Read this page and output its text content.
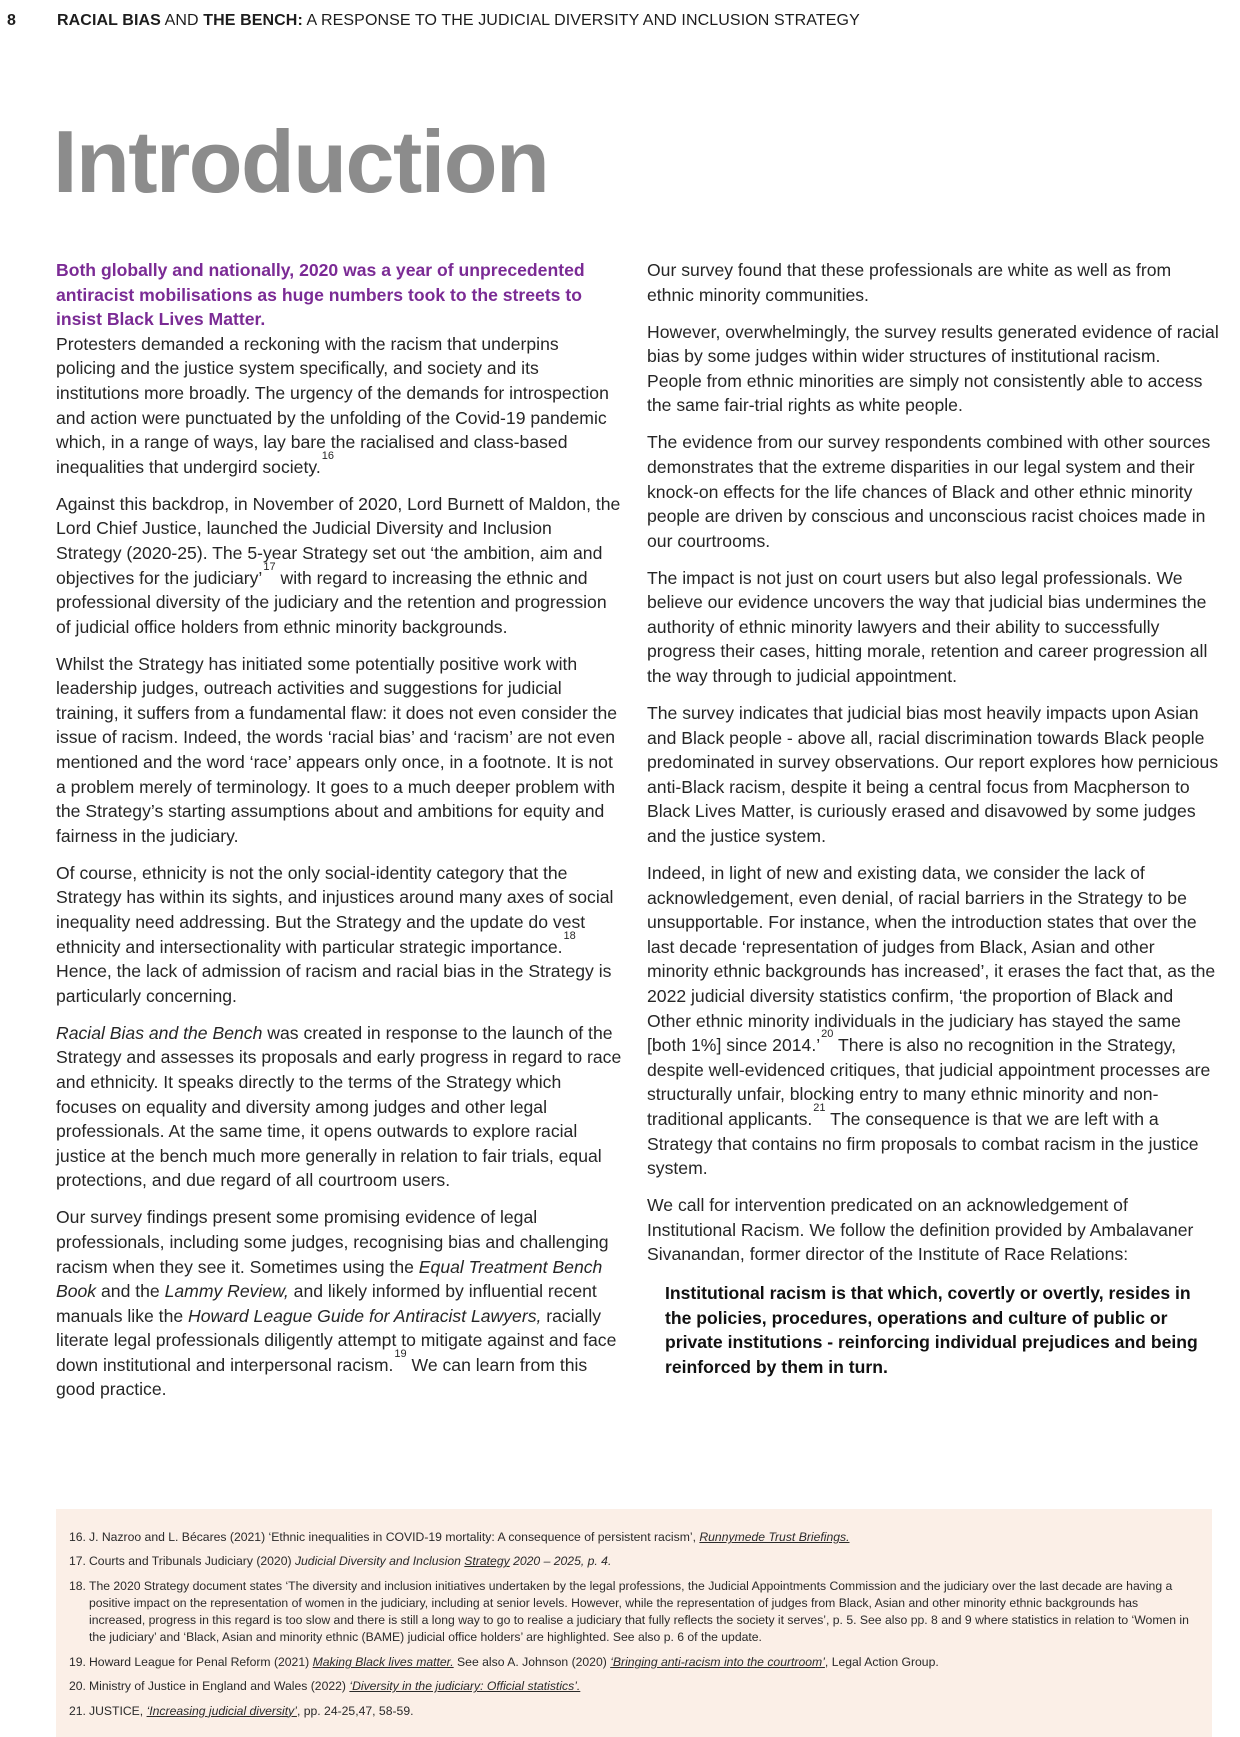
8	RACIAL BIAS AND THE BENCH: A RESPONSE TO THE JUDICIAL DIVERSITY AND INCLUSION STRATEGY
Introduction

Both globally and nationally, 2020 was a year of unprecedented antiracist mobilisations as huge numbers took to the streets to insist Black Lives Matter.
Protesters demanded a reckoning with the racism that underpins policing and the justice system specifically, and society and its institutions more broadly. The urgency of the demands for introspection and action were punctuated by the unfolding of the Covid-19 pandemic which, in a range of ways, lay bare the racialised and class-based inequalities that undergird society.$^{16}$

Against this backdrop, in November of 2020, Lord Burnett of Maldon, the Lord Chief Justice, launched the Judicial Diversity and Inclusion Strategy (2020-25). The 5-year Strategy set out ‘the ambition, aim and objectives for the judiciary’$^{17}$ with regard to increasing the ethnic and professional diversity of the judiciary and the retention and progression of judicial office holders from ethnic minority backgrounds.

Whilst the Strategy has initiated some potentially positive work with leadership judges, outreach activities and suggestions for judicial training, it suffers from a fundamental flaw: it does not even consider the issue of racism. Indeed, the words ‘racial bias’ and ‘racism’ are not even mentioned and the word ‘race’ appears only once, in a footnote. It is not a problem merely of terminology. It goes to a much deeper problem with the Strategy’s starting assumptions about and ambitions for equity and fairness in the judiciary.

Of course, ethnicity is not the only social-identity category that the Strategy has within its sights, and injustices around many axes of social inequality need addressing. But the Strategy and the update do vest ethnicity and intersectionality with particular strategic importance.$^{18}$ Hence, the lack of admission of racism and racial bias in the Strategy is particularly concerning.

Racial Bias and the Bench was created in response to the launch of the Strategy and assesses its proposals and early progress in regard to race and ethnicity. It speaks directly to the terms of the Strategy which focuses on equality and diversity among judges and other legal professionals. At the same time, it opens outwards to explore racial justice at the bench much more generally in relation to fair trials, equal protections, and due regard of all courtroom users.

Our survey findings present some promising evidence of legal professionals, including some judges, recognising bias and challenging racism when they see it. Sometimes using the Equal Treatment Bench Book and the Lammy Review, and likely informed by influential recent manuals like the Howard League Guide for Antiracist Lawyers, racially literate legal professionals diligently attempt to mitigate against and face down institutional and interpersonal racism.$^{19}$ We can learn from this good practice.

Our survey found that these professionals are white as well as from ethnic minority communities.

However, overwhelmingly, the survey results generated evidence of racial bias by some judges within wider structures of institutional racism. People from ethnic minorities are simply not consistently able to access the same fair-trial rights as white people.

The evidence from our survey respondents combined with other sources demonstrates that the extreme disparities in our legal system and their knock-on effects for the life chances of Black and other ethnic minority people are driven by conscious and unconscious racist choices made in our courtrooms.

The impact is not just on court users but also legal professionals. We believe our evidence uncovers the way that judicial bias undermines the authority of ethnic minority lawyers and their ability to successfully progress their cases, hitting morale, retention and career progression all the way through to judicial appointment.

The survey indicates that judicial bias most heavily impacts upon Asian and Black people - above all, racial discrimination towards Black people predominated in survey observations. Our report explores how pernicious anti-Black racism, despite it being a central focus from Macpherson to Black Lives Matter, is curiously erased and disavowed by some judges and the justice system.

Indeed, in light of new and existing data, we consider the lack of acknowledgement, even denial, of racial barriers in the Strategy to be unsupportable. For instance, when the introduction states that over the last decade ‘representation of judges from Black, Asian and other minority ethnic backgrounds has increased’, it erases the fact that, as the 2022 judicial diversity statistics confirm, ‘the proportion of Black and Other ethnic minority individuals in the judiciary has stayed the same [both 1%] since 2014.’$^{20}$ There is also no recognition in the Strategy, despite well-evidenced critiques, that judicial appointment processes are structurally unfair, blocking entry to many ethnic minority and non-traditional applicants.$^{21}$ The consequence is that we are left with a Strategy that contains no firm proposals to combat racism in the justice system.

We call for intervention predicated on an acknowledgement of Institutional Racism. We follow the definition provided by Ambalavaner Sivanandan, former director of the Institute of Race Relations:

Institutional racism is that which, covertly or overtly, resides in the policies, procedures, operations and culture of public or private institutions - reinforcing individual prejudices and being reinforced by them in turn.

16. J. Nazroo and L. Bécares (2021) ‘Ethnic inequalities in COVID-19 mortality: A consequence of persistent racism’, Runnymede Trust Briefings.
17. Courts and Tribunals Judiciary (2020) Judicial Diversity and Inclusion Strategy 2020 – 2025, p. 4.
18. The 2020 Strategy document states ‘The diversity and inclusion initiatives undertaken by the legal professions, the Judicial Appointments Commission and the judiciary over the last decade are having a positive impact on the representation of women in the judiciary, including at senior levels. However, while the representation of judges from Black, Asian and other minority ethnic backgrounds has increased, progress in this regard is too slow and there is still a long way to go to realise a judiciary that fully reflects the society it serves’, p. 5. See also pp. 8 and 9 where statistics in relation to ‘Women in the judiciary’ and ‘Black, Asian and minority ethnic (BAME) judicial office holders’ are highlighted. See also p. 6 of the update.
19. Howard League for Penal Reform (2021) Making Black lives matter. See also A. Johnson (2020) ‘Bringing anti-racism into the courtroom’, Legal Action Group.
20. Ministry of Justice in England and Wales (2022) ‘Diversity in the judiciary: Official statistics’.
21. JUSTICE, ‘Increasing judicial diversity’, pp. 24-25,47, 58-59.
